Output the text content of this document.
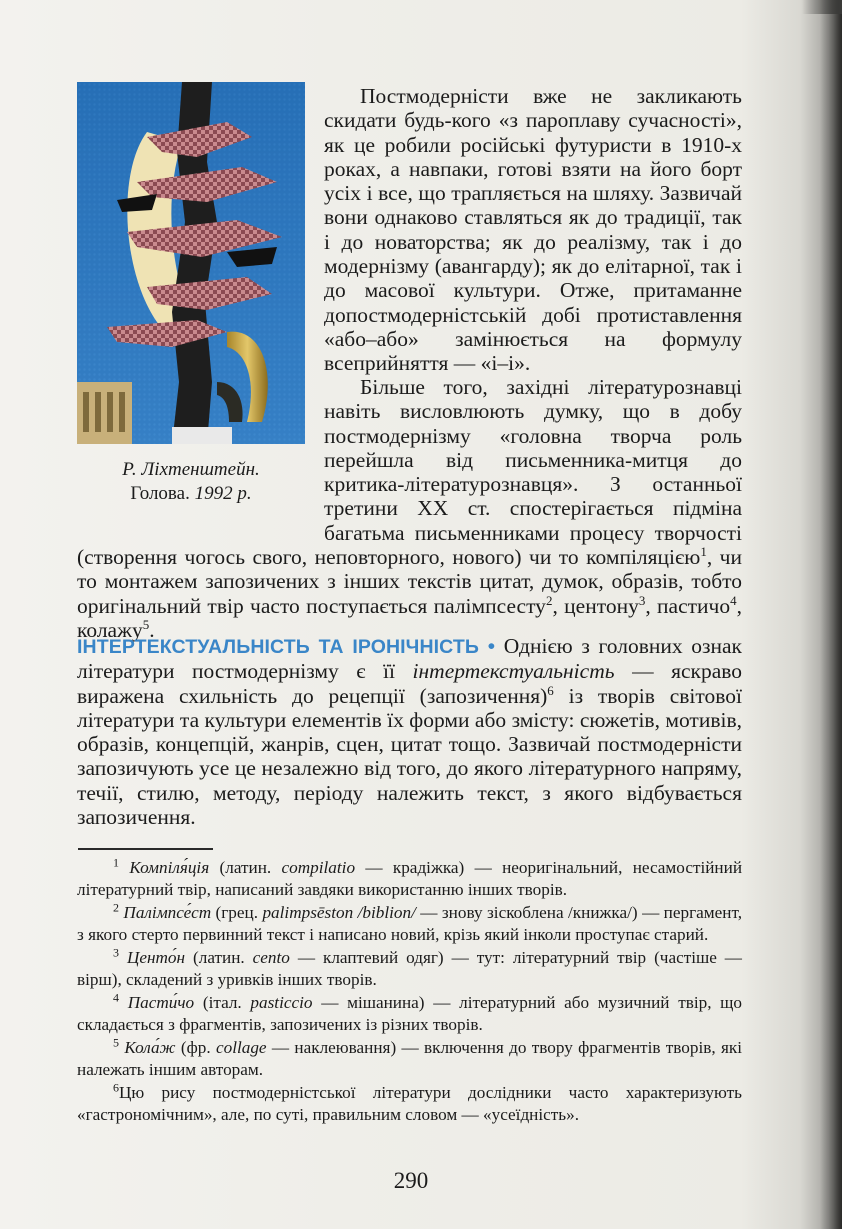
Р. Ліхтенштейн.
Голова. 1992 р.

Постмодерністи вже не закликають скидати будь-кого «з пароплаву сучасності», як це робили російські футуристи в 1910-х роках, а навпаки, готові взяти на його борт усіх і все, що трапляється на шляху. Зазвичай вони однаково ставляться як до традиції, так і до новаторства; як до реалізму, так і до модернізму (авангарду); як до елітарної, так і до масової культури. Отже, притаманне допостмодерністській добі протиставлення «або–або» замінюється на формулу всеприйняття — «і–і».

Більше того, західні літературознавці навіть висловлюють думку, що в добу постмодернізму «головна творча роль перейшла від письменника-митця до критика-літературознавця». З останньої третини XX ст. спостерігається підміна багатьма письменниками процесу творчості (створення чогось свого, неповторного, нового) чи то компіляцією$^1$, чи то монтажем запозичених з інших текстів цитат, думок, образів, тобто оригінальний твір часто поступається палімпсесту$^2$, центону$^3$, пастичо$^4$, колажу$^5$.

ІНТЕРТЕКСТУАЛЬНІСТЬ ТА ІРОНІЧНІСТЬ • Однією з головних ознак літератури постмодернізму є її інтертекстуальність — яскраво виражена схильність до рецепції (запозичення)$^6$ із творів світової літератури та культури елементів їх форми або змісту: сюжетів, мотивів, образів, концепцій, жанрів, сцен, цитат тощо. Зазвичай постмодерністи запозичують усе це незалежно від того, до якого літературного напряму, течії, стилю, методу, періоду належить текст, з якого відбувається запозичення.

$^1$ Компіля́ція (латин. compilatio — крадіжка) — неоригінальний, несамостійний літературний твір, написаний завдяки використанню інших творів.

$^2$ Палімпсе́ст (грец. palimpsēston /biblion/ — знову зіскоблена /книжка/) — пергамент, з якого стерто первинний текст і написано новий, крізь який інколи проступає старий.

$^3$ Центо́н (латин. cento — клаптевий одяг) — тут: літературний твір (частіше — вірш), складений з уривків інших творів.

$^4$ Пасти́чо (італ. pasticcio — мішанина) — літературний або музичний твір, що складається з фрагментів, запозичених із різних творів.

$^5$ Кола́ж (фр. collage — наклеювання) — включення до твору фрагментів творів, які належать іншим авторам.

$^6$Цю рису постмодерністської літератури дослідники часто характеризують «гастрономічним», але, по суті, правильним словом — «усеїдність».

290
